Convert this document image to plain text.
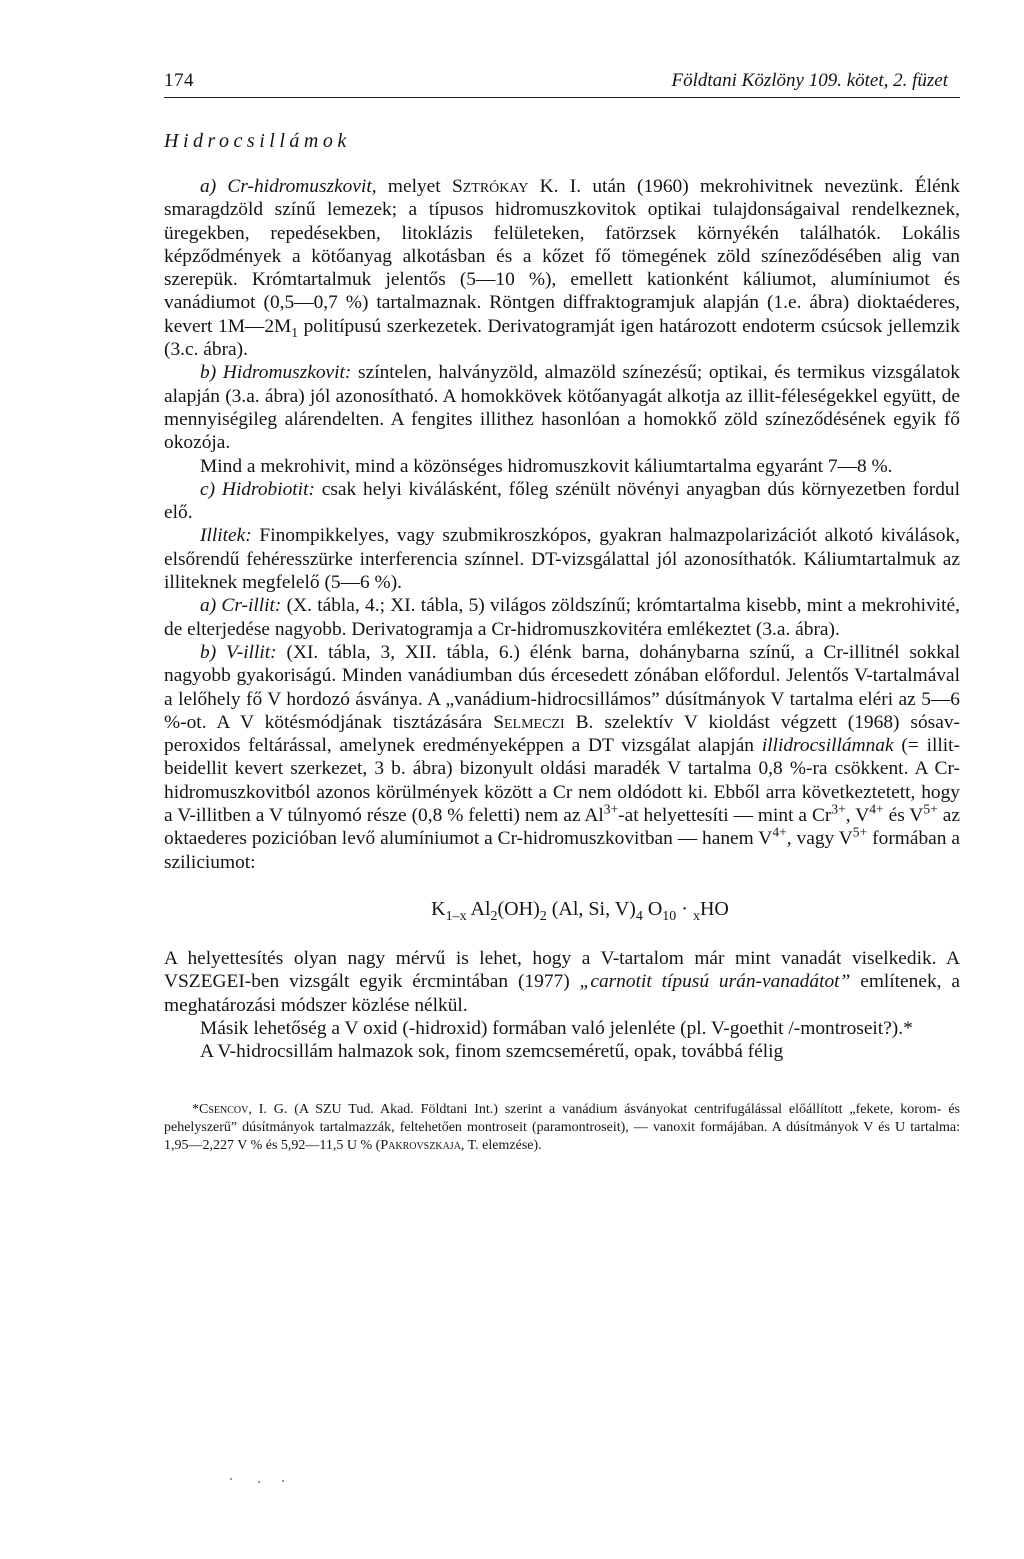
174	Földtani Közlöny 109. kötet, 2. füzet
Hidrocsillámok

a) Cr-hidromuszkovit, melyet Sztrókay K. I. után (1960) mekrohivitnek nevezünk. Élénk smaragdzöld színű lemezek; a típusos hidromuszkovitok optikai tulajdonságaival rendelkeznek, üregekben, repedésekben, litoklázis felületeken, fatörzsek környékén találhatók. Lokális képződmények a kötőanyag alkotásban és a kőzet fő tömegének zöld színeződésében alig van szerepük. Krómtartalmuk jelentős (5—10 %), emellett kationként káliumot, alumíniumot és vanádiumot (0,5—0,7 %) tartalmaznak. Röntgen diffraktogramjuk alapján (1.e. ábra) dioktaéderes, kevert $1M—2M_1$ politípusú szerkezetek. Derivatogramját igen határozott endoterm csúcsok jellemzik (3.c. ábra).

b) Hidromuszkovit: színtelen, halványzöld, almazöld színezésű; optikai, és termikus vizsgálatok alapján (3.a. ábra) jól azonosítható. A homokkövek kötőanyagát alkotja az illit-féleségekkel együtt, de mennyiségileg alárendelten. A fengites illithez hasonlóan a homokkő zöld színeződésének egyik fő okozója.

Mind a mekrohivit, mind a közönséges hidromuszkovit káliumtartalma egyaránt 7—8 %.

c) Hidrobiotit: csak helyi kiválásként, főleg szénült növényi anyagban dús környezetben fordul elő.

Illitek: Finompikkelyes, vagy szubmikroszkópos, gyakran halmazpolarizációt alkotó kiválások, elsőrendű fehéresszürke interferencia színnel. DT-vizsgálattal jól azonosíthatók. Káliumtartalmuk az illiteknek megfelelő (5—6 %).

a) Cr-illit: (X. tábla, 4.; XI. tábla, 5) világos zöldszínű; krómtartalma kisebb, mint a mekrohivité, de elterjedése nagyobb. Derivatogramja a Cr-hidromuszkovitéra emlékeztet (3.a. ábra).

b) V-illit: (XI. tábla, 3, XII. tábla, 6.) élénk barna, dohánybarna színű, a Cr-illitnél sokkal nagyobb gyakoriságú. Minden vanádiumban dús ércesedett zónában előfordul. Jelentős V-tartalmával a lelőhely fő V hordozó ásványa. A „vanádium-hidrocsillámos” dúsítmányok V tartalma eléri az 5—6 %-ot. A V kötésmódjának tisztázására Selmeczi B. szelektív V kioldást végzett (1968) sósav-peroxidos feltárással, amelynek eredményeképpen a DT vizsgálat alapján illidrocsillámnak (= illit-beidellit kevert szerkezet, 3 b. ábra) bizonyult oldási maradék V tartalma 0,8 %-ra csökkent. A Cr-hidromuszkovitból azonos körülmények között a Cr nem oldódott ki. Ebből arra következtetett, hogy a V-illitben a V túlnyomó része (0,8 % feletti) nem az $Al^{3+}-at$ helyettesíti — mint a $Cr^{3+}$, $V^{4+}$ és $V^{5+}$ az oktaederes pozicióban levő alumíniumot a Cr-hidromuszkovitban — hanem $V^{4+}$, vagy $V^{5+}$ formában a sziliciumot:

$K_{1-x}$ $Al_2(OH)_2$ (Al, Si, $V)_4$ $O_{10} \cdot _xHO$

A helyettesítés olyan nagy mérvű is lehet, hogy a V-tartalom már mint vanadát viselkedik. A VSZEGEI-ben vizsgált egyik ércmintában (1977) „carnotit típusú urán-vanadátot” említenek, a meghatározási módszer közlése nélkül.

Másik lehetőség a V oxid (-hidroxid) formában való jelenléte (pl. V-goethit /-montroseit?).*

A V-hidrocsillám halmazok sok, finom szemcseméretű, opak, továbbá félig

*Csencov, I. G. (A SZU Tud. Akad. Földtani Int.) szerint a vanádium ásványokat centrifugálással előállított „fekete, korom- és pehelyszerű” dúsítmányok tartalmazzák, feltehetően montroseit (paramontroseit), — vanoxit formájában. A dúsítmányok V és U tartalma: 1,95—2,227 V % és 5,92—11,5 U % (Pakrovszkaja, T. elemzése).
